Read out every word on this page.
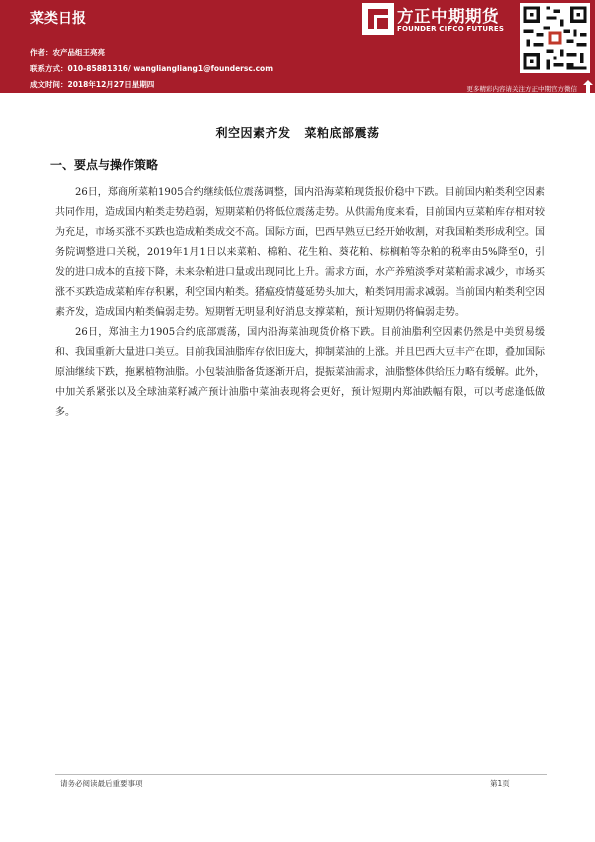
菜类日报
作者：农产品组王亮亮
联系方式：010-85881316/ wangliangliang1@foundersc.com
成文时间：2018年12月27日星期四
方正中期期货
FOUNDER CIFCO FUTURES
更多精彩内容请关注方正中期官方微信
利空因素齐发 菜粕底部震荡
一、要点与操作策略

26日，郑商所菜粕1905合约继续低位震荡调整，国内沿海菜粕现货报价稳中下跌。目前国内粕类利空因素共同作用，造成国内粕类走势趋弱，短期菜粕仍将低位震荡走势。从供需角度来看，目前国内豆菜粕库存相对较为充足，市场买涨不买跌也造成粕类成交不高。国际方面，巴西早熟豆已经开始收割，对我国粕类形成利空。国务院调整进口关税，2019年1月1日以来菜粕、棉粕、花生粕、葵花粕、棕榈粕等杂粕的税率由5%降至0，引发的进口成本的直接下降，未来杂粕进口量或出现同比上升。需求方面，水产养殖淡季对菜粕需求减少，市场买涨不买跌造成菜粕库存积累，利空国内粕类。猪瘟疫情蔓延势头加大，粕类饲用需求减弱。当前国内粕类利空因素齐发，造成国内粕类偏弱走势。短期暂无明显利好消息支撑菜粕，预计短期仍将偏弱走势。

26日，郑油主力1905合约底部震荡，国内沿海菜油现货价格下跌。目前油脂利空因素仍然是中美贸易缓和、我国重新大量进口美豆。目前我国油脂库存依旧庞大，抑制菜油的上涨。并且巴西大豆丰产在即，叠加国际原油继续下跌，拖累植物油脂。小包装油脂备货逐渐开启，提振菜油需求，油脂整体供给压力略有缓解。此外，中加关系紧张以及全球油菜籽减产预计油脂中菜油表现将会更好，预计短期内郑油跌幅有限，可以考虑逢低做多。

请务必阅读最后重要事项	第1页
